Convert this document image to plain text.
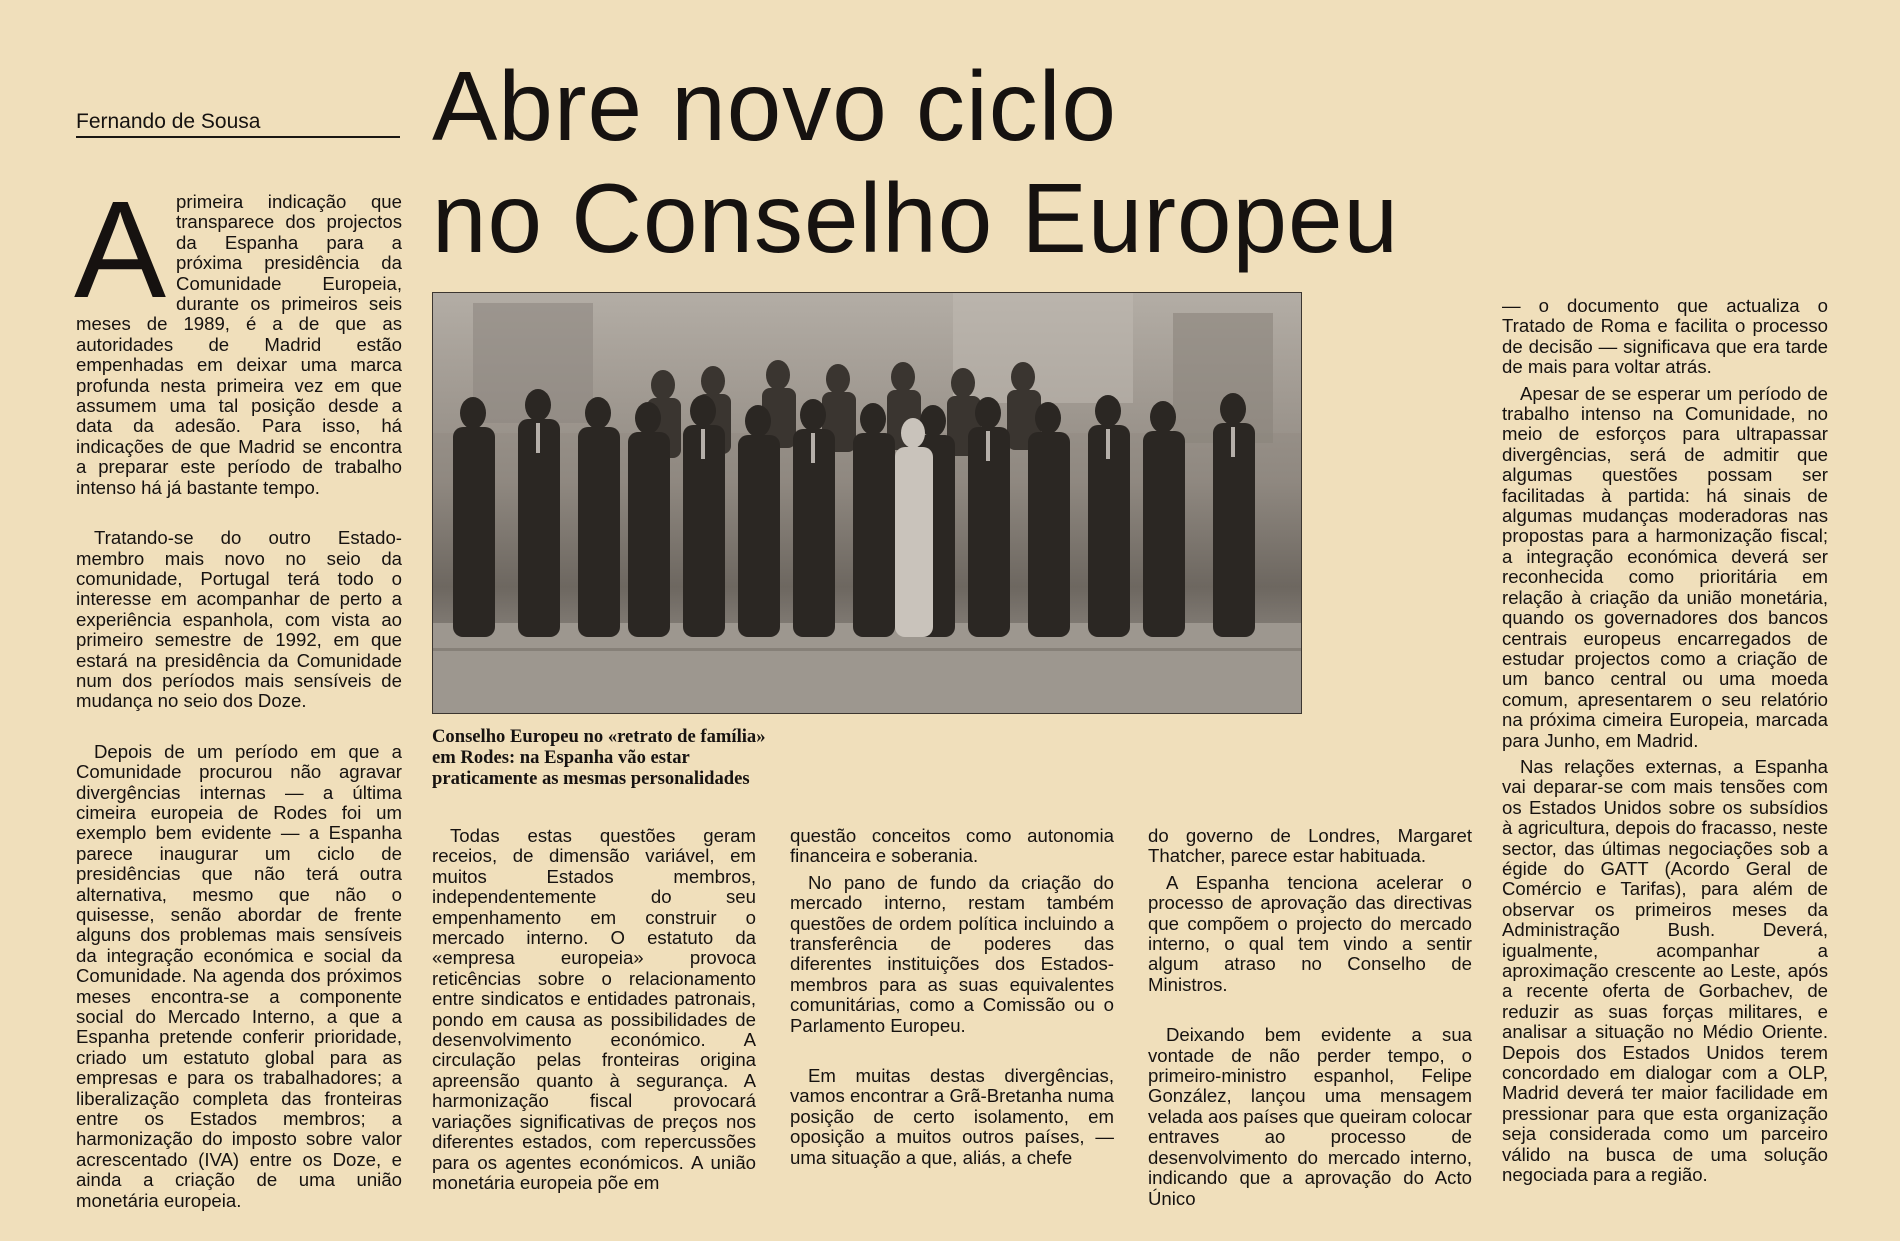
Fernando de Sousa	Abre novo ciclo
no Conselho Europeu

Aprimeira indicação que transparece dos projectos da Espanha para a próxima presidência da Comunidade Europeia, durante os primeiros seis meses de 1989, é a de que as autoridades de Madrid estão empenhadas em deixar uma marca profunda nesta primeira vez em que assumem uma tal posição desde a data da adesão. Para isso, há indicações de que Madrid se encontra a preparar este período de trabalho intenso há já bastante tempo.

Tratando-se do outro Estado-membro mais novo no seio da comunidade, Portugal terá todo o interesse em acompanhar de perto a experiência espanhola, com vista ao primeiro semestre de 1992, em que estará na presidência da Comunidade num dos períodos mais sensíveis de mudança no seio dos Doze.

Depois de um período em que a Comunidade procurou não agravar divergências internas — a última cimeira europeia de Rodes foi um exemplo bem evidente — a Espanha parece inaugurar um ciclo de presidências que não terá outra alternativa, mesmo que não o quisesse, senão abordar de frente alguns dos problemas mais sensíveis da integração económica e social da Comunidade. Na agenda dos próximos meses encontra-se a componente social do Mercado Interno, a que a Espanha pretende conferir prioridade, criado um estatuto global para as empresas e para os trabalhadores; a liberalização completa das fronteiras entre os Estados membros; a harmonização do imposto sobre valor acrescentado (IVA) entre os Doze, e ainda a criação de uma união monetária europeia.

Conselho Europeu no «retrato de família» em Rodes: na Espanha vão estar praticamente as mesmas personalidades

Todas estas questões geram receios, de dimensão variável, em muitos Estados membros, independentemente do seu empenhamento em construir o mercado interno. O estatuto da «empresa europeia» provoca reticências sobre o relacionamento entre sindicatos e entidades patronais, pondo em causa as possibilidades de desenvolvimento económico. A circulação pelas fronteiras origina apreensão quanto à segurança. A harmonização fiscal provocará variações significativas de preços nos diferentes estados, com repercussões para os agentes económicos. A união monetária europeia põe em

questão conceitos como autonomia financeira e soberania.

No pano de fundo da criação do mercado interno, restam também questões de ordem política incluindo a transferência de poderes das diferentes instituições dos Estados-membros para as suas equivalentes comunitárias, como a Comissão ou o Parlamento Europeu.

Em muitas destas divergências, vamos encontrar a Grã-Bretanha numa posição de certo isolamento, em oposição a muitos outros países, — uma situação a que, aliás, a chefe

do governo de Londres, Margaret Thatcher, parece estar habituada.

A Espanha tenciona acelerar o processo de aprovação das directivas que compõem o projecto do mercado interno, o qual tem vindo a sentir algum atraso no Conselho de Ministros.

Deixando bem evidente a sua vontade de não perder tempo, o primeiro-ministro espanhol, Felipe González, lançou uma mensagem velada aos países que queiram colocar entraves ao processo de desenvolvimento do mercado interno, indicando que a aprovação do Acto Único

— o documento que actualiza o Tratado de Roma e facilita o processo de decisão — significava que era tarde de mais para voltar atrás.

Apesar de se esperar um período de trabalho intenso na Comunidade, no meio de esforços para ultrapassar divergências, será de admitir que algumas questões possam ser facilitadas à partida: há sinais de algumas mudanças moderadoras nas propostas para a harmonização fiscal; a integração económica deverá ser reconhecida como prioritária em relação à criação da união monetária, quando os governadores dos bancos centrais europeus encarregados de estudar projectos como a criação de um banco central ou uma moeda comum, apresentarem o seu relatório na próxima cimeira Europeia, marcada para Junho, em Madrid.

Nas relações externas, a Espanha vai deparar-se com mais tensões com os Estados Unidos sobre os subsídios à agricultura, depois do fracasso, neste sector, das últimas negociações sob a égide do GATT (Acordo Geral de Comércio e Tarifas), para além de observar os primeiros meses da Administração Bush. Deverá, igualmente, acompanhar a aproximação crescente ao Leste, após a recente oferta de Gorbachev, de reduzir as suas forças militares, e analisar a situação no Médio Oriente. Depois dos Estados Unidos terem concordado em dialogar com a OLP, Madrid deverá ter maior facilidade em pressionar para que esta organização seja considerada como um parceiro válido na busca de uma solução negociada para a região.
